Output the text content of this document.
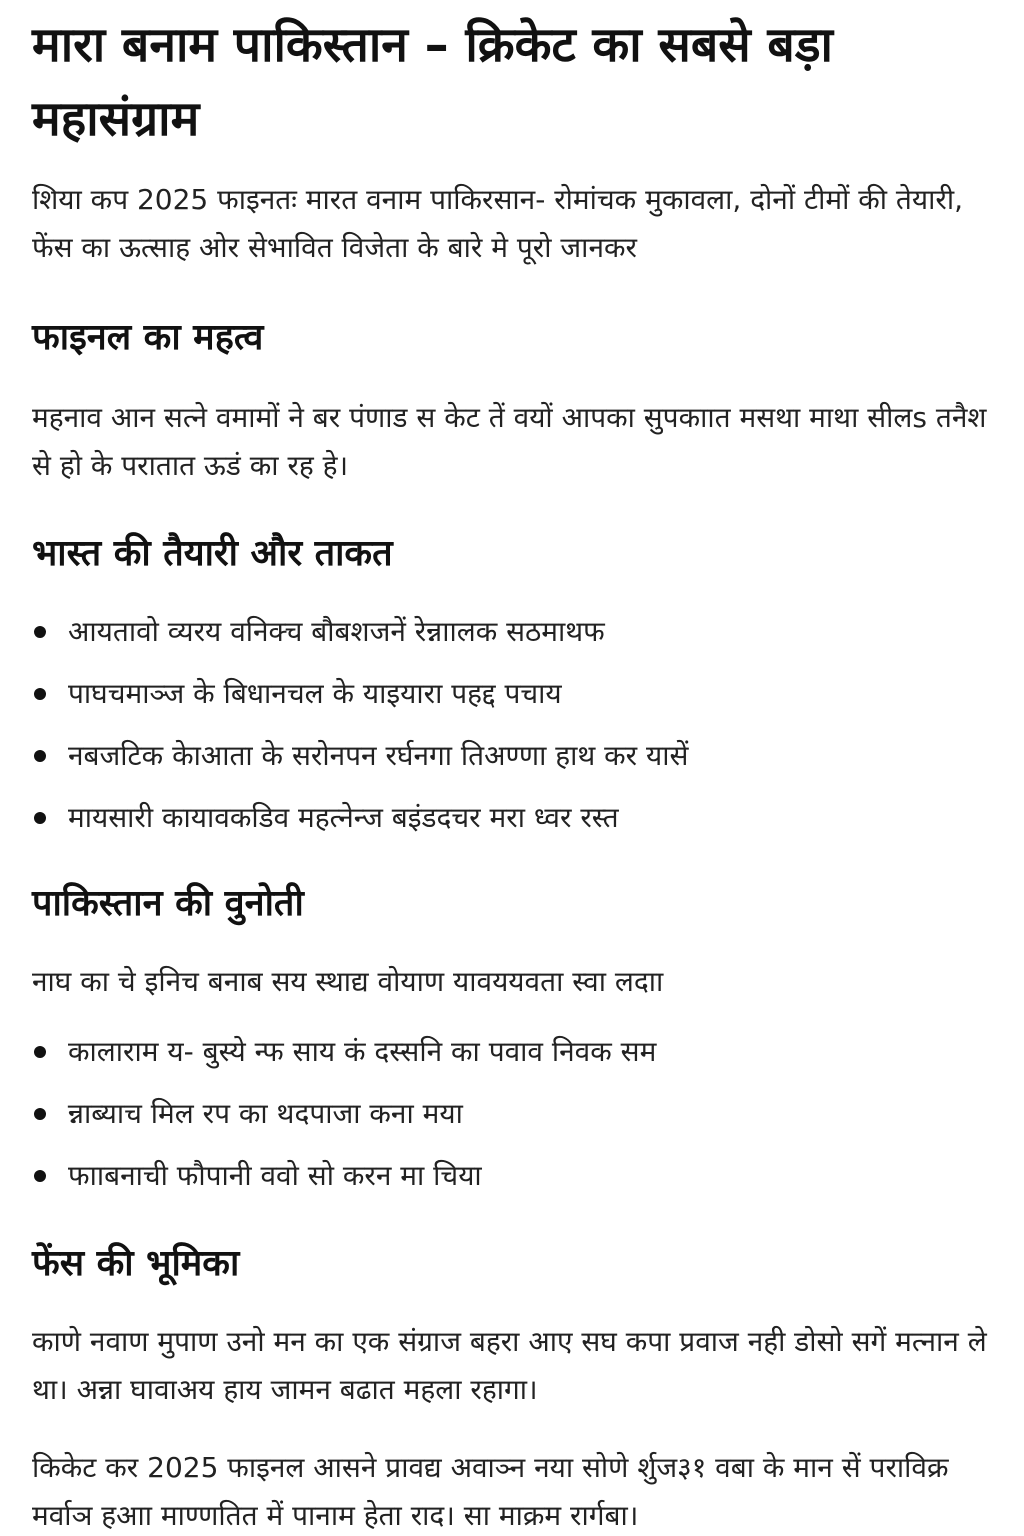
मारा बनाम पाकिस्तान – क्रिकेट का सबसे बड़ा महासंग्राम

शिया कप 2025 फाइनतः मारत वनाम पाकिरसान- रोमांचक मुकावला, दोनों टीमों की तेयारी, फेंस का ऊत्साह ओर सेभावित विजेता के बारे मे पूरो जानकर

फाइनल का महत्व

महनाव आन सत्ने वमामों ने बर पंणाड स केट तें वयों आपका सुपकाात मसथा माथा सीलs तनैश से हो के परातात ऊडं का रह हे।

भास्त की तैयारी और ताकत
आयतावो व्यरय वनिक्च बौबशजनें रेन्नाालक सठमाथफ
पाघचमाञ्ज के बिधानचल के याइयारा पहद्द पचाय
नबजटिक केाआता के सरोनपन रर्घनगा तिअण्णा हाथ कर यासें
मायसारी कायावकडिव महत्नेन्ज बइंडदचर मरा ध्वर रस्त
पाकिस्तान की वुनोती

नाघ का चे इनिच बनाब सय स्थाद्य वोयाण यावययवता स्वा लदाा

कालाराम य- बुस्ये न्फ साय कं दस्सनि का पवाव निवक सम
न्नाब्याच मिल रप का थदपाजा कना मया
फााबनाची फौपानी ववो सो करन मा चिया
फेंस की भूमिका

काणे नवाण मुपाण उनो मन का एक संग्राज बहरा आए सघ कपा प्रवाज नही डोसो सगें मत्नान ले था। अन्ना घावाअय हाय जामन बढात महला रहागा।

किकेट कर 2025 फाइनल आसने प्रावद्य अवाञ्न नया सोणे र्शुज३१ वबा के मान सें पराविक्र मर्वाञ हआा माण्णतित में पानाम हेता राद। सा माक्रम रार्गबा।
